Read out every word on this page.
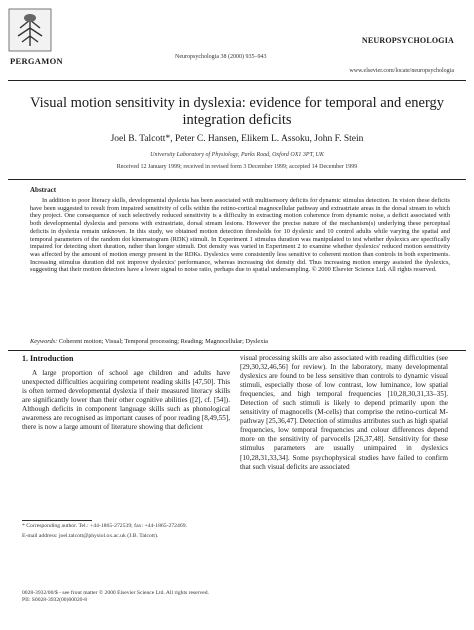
PERGAMON	Neuropsychologia 38 (2000) 935–943
NEUROPSYCHOLOGIA
www.elsevier.com/locate/neuropsychologia
Visual motion sensitivity in dyslexia: evidence for temporal and energy integration deficits
Joel B. Talcott*, Peter C. Hansen, Elikem L. Assoku, John F. Stein
University Laboratory of Physiology, Parks Road, Oxford OX1 3PT, UK
Received 12 January 1999; received in revised form 3 December 1999; accepted 14 December 1999
Abstract
In addition to poor literacy skills, developmental dyslexia has been associated with multisensory deficits for dynamic stimulus detection. In vision these deficits have been suggested to result from impaired sensitivity of cells within the retino-cortical magnocellular pathway and extrastriate areas in the dorsal stream to which they project. One consequence of such selectively reduced sensitivity is a difficulty in extracting motion coherence from dynamic noise, a deficit associated with both developmental dyslexia and persons with extrastriate, dorsal stream lesions. However the precise nature of the mechanism(s) underlying these perceptual deficits in dyslexia remain unknown. In this study, we obtained motion detection thresholds for 10 dyslexic and 10 control adults while varying the spatial and temporal parameters of the random dot kinematogram (RDK) stimuli. In Experiment 1 stimulus duration was manipulated to test whether dyslexics are specifically impaired for detecting short duration, rather than longer stimuli. Dot density was varied in Experiment 2 to examine whether dyslexics' reduced motion sensitivity was affected by the amount of motion energy present in the RDKs. Dyslexics were consistently less sensitive to coherent motion than controls in both experiments. Increasing stimulus duration did not improve dyslexics' performance, whereas increasing dot density did. Thus increasing motion energy assisted the dyslexics, suggesting that their motion detectors have a lower signal to noise ratio, perhaps due to spatial undersampling. © 2000 Elsevier Science Ltd. All rights reserved.
Keywords: Coherent motion; Visual; Temporal processing; Reading; Magnocellular; Dyslexia
1. Introduction
A large proportion of school age children and adults have unexpected difficulties acquiring competent reading skills [47,50]. This is often termed developmental dyslexia if their measured literacy skills are significantly lower than their other cognitive abilities ([2], cf. [54]). Although deficits in component language skills such as phonological awareness are recognised as important causes of poor reading [8,49,55], there is now a large amount of literature showing that deficient
visual processing skills are also associated with reading difficulties (see [29,30,32,46,56] for review). In the laboratory, many developmental dyslexics are found to be less sensitive than controls to dynamic visual stimuli, especially those of low contrast, low luminance, low spatial frequencies, and high temporal frequencies [10,28,30,31,33–35]. Detection of such stimuli is likely to depend primarily upon the sensitivity of magnocells (M-cells) that comprise the retino-cortical M-pathway [25,36,47]. Detection of stimulus attributes such as high spatial frequencies, low temporal frequencies and colour differences depend more on the sensitivity of parvocells [26,37,48]. Sensitivity for these stimulus parameters are usually unimpaired in dyslexics [10,28,31,33,34]. Some psychophysical studies have failed to confirm that such visual deficits are associated
* Corresponding author. Tel.: +44-1865-272539; fax: +44-1865-272469.
E-mail address: joel.talcott@physiol.ox.ac.uk (J.B. Talcott).
0028-3932/00/$ - see front matter © 2000 Elsevier Science Ltd. All rights reserved.
PII: S0028-3932(00)00020-8
